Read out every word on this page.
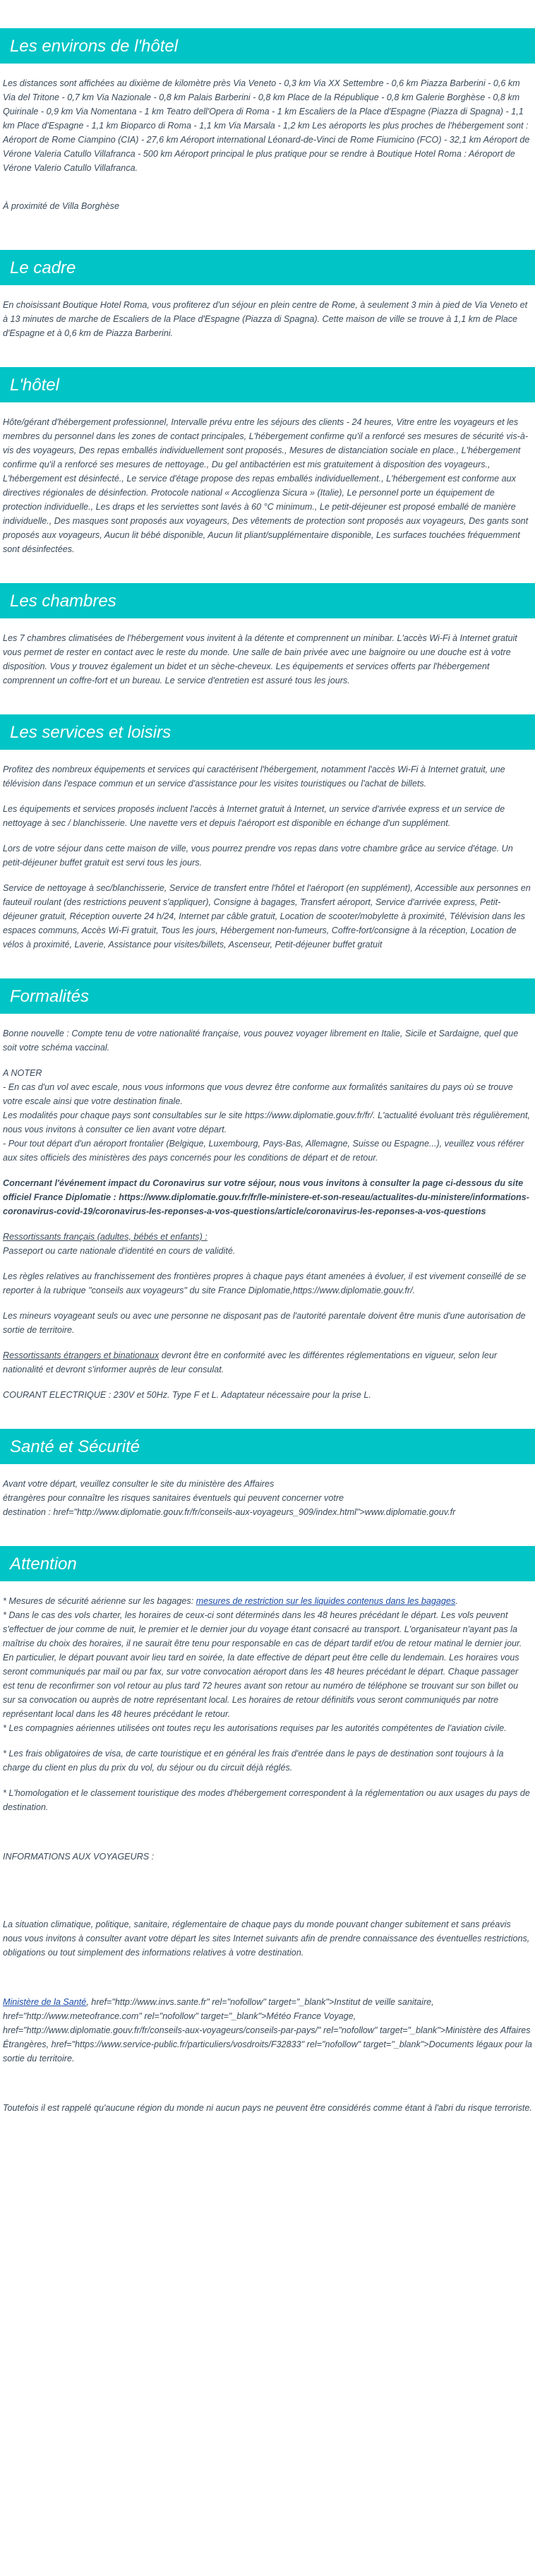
Les environs de l'hôtel

Les distances sont affichées au dixième de kilomètre près Via Veneto - 0,3 km Via XX Settembre - 0,6 km Piazza Barberini - 0,6 km Via del Tritone - 0,7 km Via Nazionale - 0,8 km Palais Barberini - 0,8 km Place de la République - 0,8 km Galerie Borghèse - 0,8 km Quirinale - 0,9 km Via Nomentana - 1 km Teatro dell'Opera di Roma - 1 km Escaliers de la Place d'Espagne (Piazza di Spagna) - 1,1 km Place d'Espagne - 1,1 km Bioparco di Roma - 1,1 km Via Marsala - 1,2 km Les aéroports les plus proches de l'hébergement sont : Aéroport de Rome Ciampino (CIA) - 27,6 km Aéroport international Léonard-de-Vinci de Rome Fiumicino (FCO) - 32,1 km Aéroport de Vérone Valeria Catullo Villafranca - 500 km Aéroport principal le plus pratique pour se rendre à Boutique Hotel Roma : Aéroport de Vérone Valerio Catullo Villafranca.

À proximité de Villa Borghèse

Le cadre

En choisissant Boutique Hotel Roma, vous profiterez d'un séjour en plein centre de Rome, à seulement 3 min à pied de Via Veneto et à 13 minutes de marche de Escaliers de la Place d'Espagne (Piazza di Spagna). Cette maison de ville se trouve à 1,1 km de Place d'Espagne et à 0,6 km de Piazza Barberini.

L'hôtel

Hôte/gérant d'hébergement professionnel, Intervalle prévu entre les séjours des clients - 24 heures, Vitre entre les voyageurs et les membres du personnel dans les zones de contact principales, L'hébergement confirme qu'il a renforcé ses mesures de sécurité vis-à-vis des voyageurs, Des repas emballés individuellement sont proposés., Mesures de distanciation sociale en place., L'hébergement confirme qu'il a renforcé ses mesures de nettoyage., Du gel antibactérien est mis gratuitement à disposition des voyageurs., L'hébergement est désinfecté., Le service d'étage propose des repas emballés individuellement., L'hébergement est conforme aux directives régionales de désinfection. Protocole national « Accoglienza Sicura » (Italie), Le personnel porte un équipement de protection individuelle., Les draps et les serviettes sont lavés à 60 °C minimum., Le petit-déjeuner est proposé emballé de manière individuelle., Des masques sont proposés aux voyageurs, Des vêtements de protection sont proposés aux voyageurs, Des gants sont proposés aux voyageurs, Aucun lit bébé disponible, Aucun lit pliant/supplémentaire disponible, Les surfaces touchées fréquemment sont désinfectées.

Les chambres

Les 7 chambres climatisées de l'hébergement vous invitent à la détente et comprennent un minibar. L'accès Wi-Fi à Internet gratuit vous permet de rester en contact avec le reste du monde. Une salle de bain privée avec une baignoire ou une douche est à votre disposition. Vous y trouvez également un bidet et un sèche-cheveux. Les équipements et services offerts par l'hébergement comprennent un coffre-fort et un bureau. Le service d'entretien est assuré tous les jours.

Les services et loisirs

Profitez des nombreux équipements et services qui caractérisent l'hébergement, notamment l'accès Wi-Fi à Internet gratuit, une télévision dans l'espace commun et un service d'assistance pour les visites touristiques ou l'achat de billets.

Les équipements et services proposés incluent l'accès à Internet gratuit à Internet, un service d'arrivée express et un service de nettoyage à sec / blanchisserie. Une navette vers et depuis l'aéroport est disponible en échange d'un supplément.

Lors de votre séjour dans cette maison de ville, vous pourrez prendre vos repas dans votre chambre grâce au service d'étage. Un petit-déjeuner buffet gratuit est servi tous les jours.

Service de nettoyage à sec/blanchisserie, Service de transfert entre l'hôtel et l'aéroport (en supplément), Accessible aux personnes en fauteuil roulant (des restrictions peuvent s'appliquer), Consigne à bagages, Transfert aéroport, Service d'arrivée express, Petit-déjeuner gratuit, Réception ouverte 24 h/24, Internet par câble gratuit, Location de scooter/mobylette à proximité, Télévision dans les espaces communs, Accès Wi-Fi gratuit, Tous les jours, Hébergement non-fumeurs, Coffre-fort/consigne à la réception, Location de vélos à proximité, Laverie, Assistance pour visites/billets, Ascenseur, Petit-déjeuner buffet gratuit

Formalités

Bonne nouvelle : Compte tenu de votre nationalité française, vous pouvez voyager librement en Italie, Sicile et Sardaigne, quel que soit votre schéma vaccinal.

A NOTER
- En cas d'un vol avec escale, nous vous informons que vous devrez être conforme aux formalités sanitaires du pays où se trouve votre escale ainsi que votre destination finale.
Les modalités pour chaque pays sont consultables sur le site https://www.diplomatie.gouv.fr/fr/. L'actualité évoluant très régulièrement, nous vous invitons à consulter ce lien avant votre départ.
- Pour tout départ d'un aéroport frontalier (Belgique, Luxembourg, Pays-Bas, Allemagne, Suisse ou Espagne...), veuillez vous référer aux sites officiels des ministères des pays concernés pour les conditions de départ et de retour.

Concernant l'événement impact du Coronavirus sur votre séjour, nous vous invitons à consulter la page ci-dessous du site officiel France Diplomatie : https://www.diplomatie.gouv.fr/fr/le-ministere-et-son-reseau/actualites-du-ministere/informations-coronavirus-covid-19/coronavirus-les-reponses-a-vos-questions/article/coronavirus-les-reponses-a-vos-questions

Ressortissants français (adultes, bébés et enfants) :
Passeport ou carte nationale d'identité en cours de validité.

Les règles relatives au franchissement des frontières propres à chaque pays étant amenées à évoluer, il est vivement conseillé de se reporter à la rubrique "conseils aux voyageurs" du site France Diplomatie,https://www.diplomatie.gouv.fr/.

Les mineurs voyageant seuls ou avec une personne ne disposant pas de l'autorité parentale doivent être munis d'une autorisation de sortie de territoire.

Ressortissants étrangers et binationaux devront être en conformité avec les différentes réglementations en vigueur, selon leur nationalité et devront s'informer auprès de leur consulat.

COURANT ELECTRIQUE : 230V et 50Hz. Type F et L. Adaptateur nécessaire pour la prise L.

Santé et Sécurité

Avant votre départ, veuillez consulter le site du ministère des Affaires
étrangères pour connaître les risques sanitaires éventuels qui peuvent concerner votre
destination : href="http://www.diplomatie.gouv.fr/fr/conseils-aux-voyageurs_909/index.html">www.diplomatie.gouv.fr

Attention

* Mesures de sécurité aérienne sur les bagages: mesures de restriction sur les liquides contenus dans les bagages.
* Dans le cas des vols charter, les horaires de ceux-ci sont déterminés dans les 48 heures précédant le départ. Les vols peuvent s'effectuer de jour comme de nuit, le premier et le dernier jour du voyage étant consacré au transport. L'organisateur n'ayant pas la maîtrise du choix des horaires, il ne saurait être tenu pour responsable en cas de départ tardif et/ou de retour matinal le dernier jour. En particulier, le départ pouvant avoir lieu tard en soirée, la date effective de départ peut être celle du lendemain. Les horaires vous seront communiqués par mail ou par fax, sur votre convocation aéroport dans les 48 heures précédant le départ. Chaque passager est tenu de reconfirmer son vol retour au plus tard 72 heures avant son retour au numéro de téléphone se trouvant sur son billet ou sur sa convocation ou auprès de notre représentant local. Les horaires de retour définitifs vous seront communiqués par notre représentant local dans les 48 heures précédant le retour.
* Les compagnies aériennes utilisées ont toutes reçu les autorisations requises par les autorités compétentes de l'aviation civile.

* Les frais obligatoires de visa, de carte touristique et en général les frais d'entrée dans le pays de destination sont toujours à la charge du client en plus du prix du vol, du séjour ou du circuit déjà réglés.

* L'homologation et le classement touristique des modes d'hébergement correspondent à la réglementation ou aux usages du pays de destination.

INFORMATIONS AUX VOYAGEURS :

La situation climatique, politique, sanitaire, réglementaire de chaque pays du monde pouvant changer subitement et sans préavis
nous vous invitons à consulter avant votre départ les sites Internet suivants afin de prendre connaissance des éventuelles restrictions, obligations ou tout simplement des informations relatives à votre destination.

Ministère de la Santé, href="http://www.invs.sante.fr" rel="nofollow" target="_blank">Institut de veille sanitaire, href="http://www.meteofrance.com" rel="nofollow" target="_blank">Météo France Voyage, href="http://www.diplomatie.gouv.fr/fr/conseils-aux-voyageurs/conseils-par-pays/" rel="nofollow" target="_blank">Ministère des Affaires Étrangères, href="https://www.service-public.fr/particuliers/vosdroits/F32833" rel="nofollow" target="_blank">Documents légaux pour la sortie du territoire.

Toutefois il est rappelé qu'aucune région du monde ni aucun pays ne peuvent être considérés comme étant à l'abri du risque terroriste.
